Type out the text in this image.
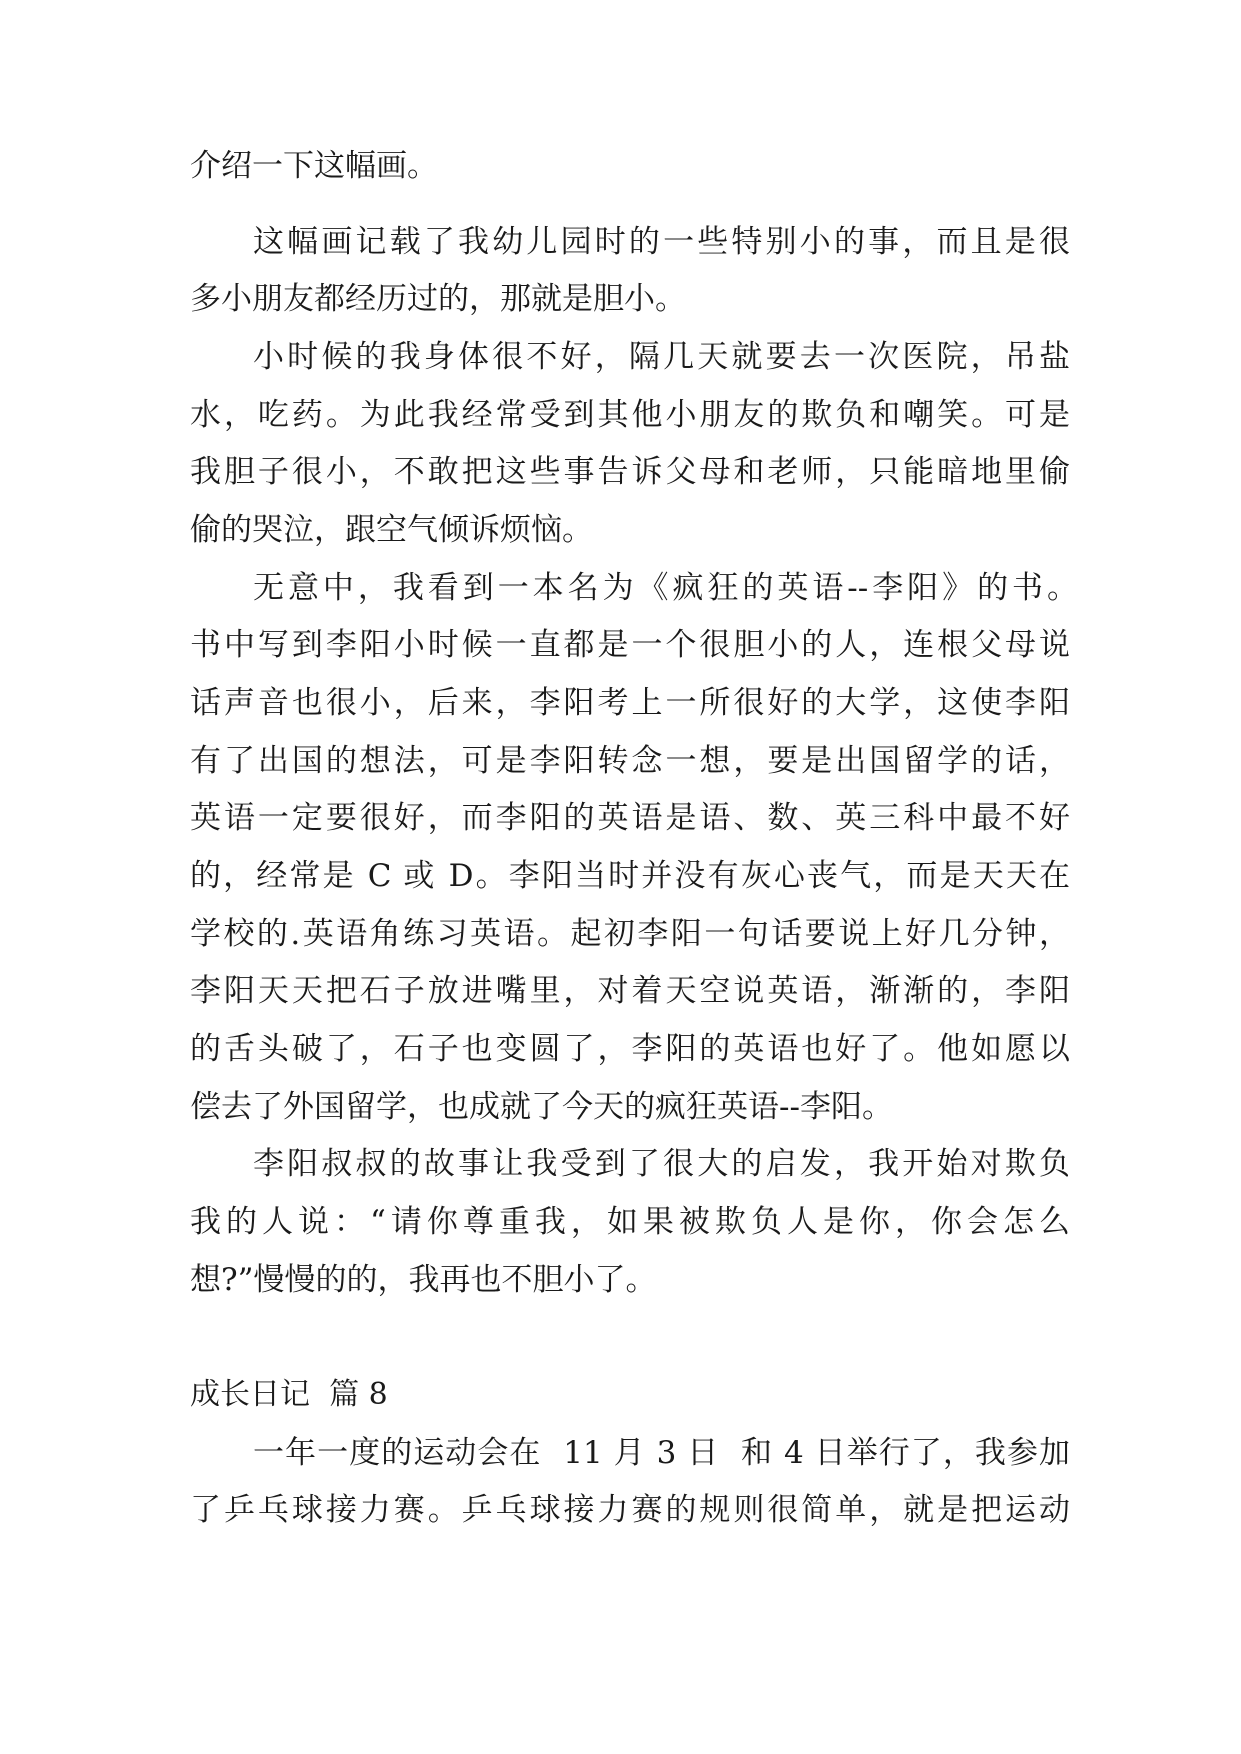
介绍一下这幅画。
这幅画记载了我幼儿园时的一些特别小的事，而且是很
多小朋友都经历过的，那就是胆小。
小时候的我身体很不好，隔几天就要去一次医院，吊盐
水，吃药。为此我经常受到其他小朋友的欺负和嘲笑。可是
我胆子很小，不敢把这些事告诉父母和老师，只能暗地里偷
偷的哭泣，跟空气倾诉烦恼。
无意中，我看到一本名为《疯狂的英语--李阳》的书。
书中写到李阳小时候一直都是一个很胆小的人，连根父母说
话声音也很小，后来，李阳考上一所很好的大学，这使李阳
有了出国的想法，可是李阳转念一想，要是出国留学的话，
英语一定要很好，而李阳的英语是语、数、英三科中最不好
的，经常是 C 或 D。李阳当时并没有灰心丧气，而是天天在
学校的.英语角练习英语。起初李阳一句话要说上好几分钟，
李阳天天把石子放进嘴里，对着天空说英语，渐渐的，李阳
的舌头破了，石子也变圆了，李阳的英语也好了。他如愿以
偿去了外国留学，也成就了今天的疯狂英语--李阳。
李阳叔叔的故事让我受到了很大的启发，我开始对欺负
我的人说：“请你尊重我，如果被欺负人是你，你会怎么
想?”慢慢的的，我再也不胆小了。
成长日记  篇 8
一年一度的运动会在  11 月 3 日  和 4 日举行了，我参加
了乒乓球接力赛。乒乓球接力赛的规则很简单，就是把运动
